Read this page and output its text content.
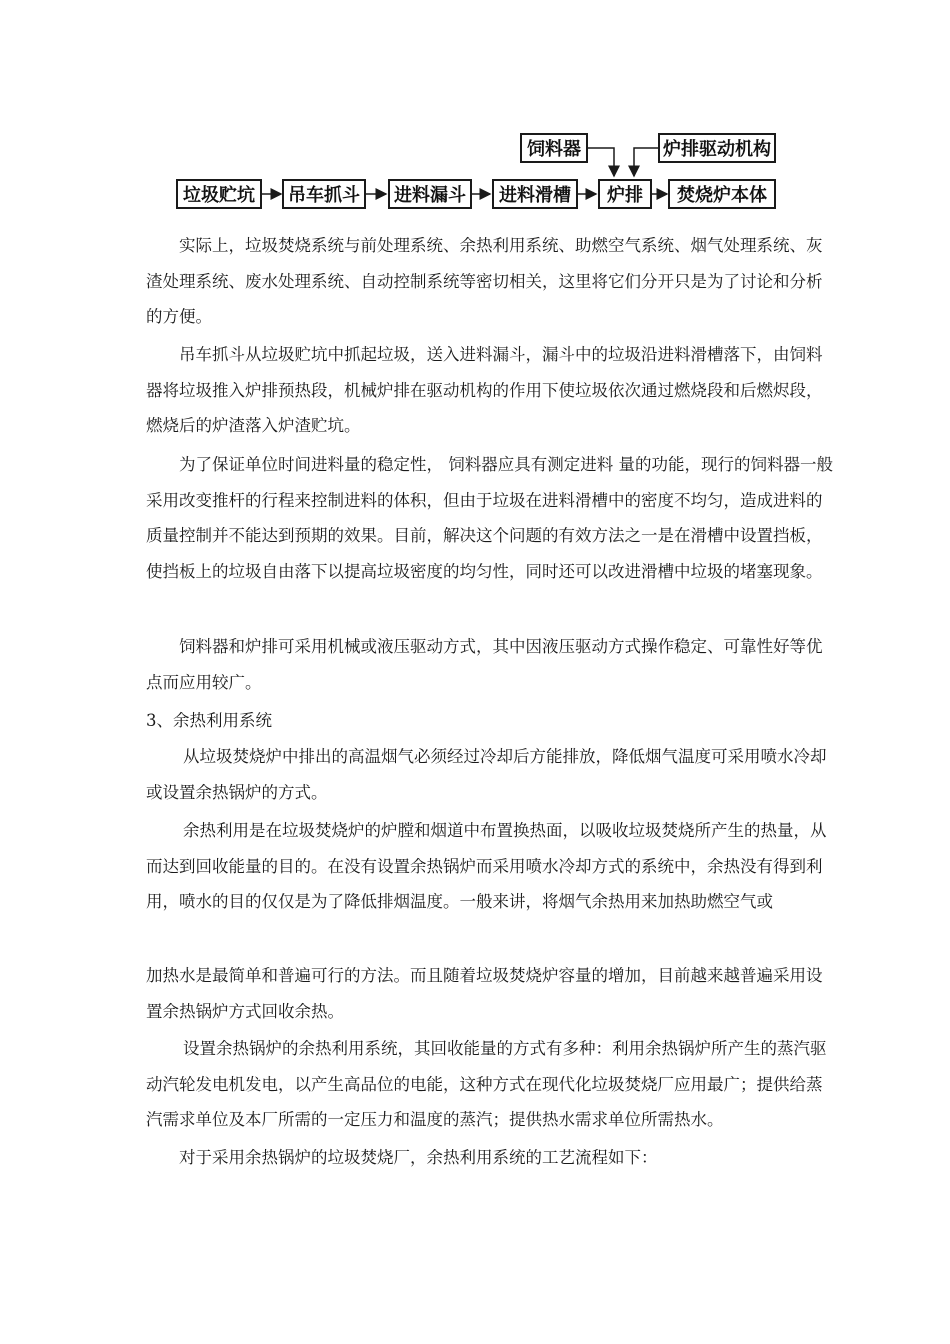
饲料器	炉排驱动机构
垃圾贮坑	吊车抓斗	进料漏斗	进料滑槽	炉排	焚烧炉本体

实际上，垃圾焚烧系统与前处理系统、余热利用系统、助燃空气系统、烟气处理系统、灰渣处理系统、废水处理系统、自动控制系统等密切相关，这里将它们分开只是为了讨论和分析的方便。

吊车抓斗从垃圾贮坑中抓起垃圾，送入进料漏斗，漏斗中的垃圾沿进料滑槽落下，由饲料器将垃圾推入炉排预热段，机械炉排在驱动机构的作用下使垃圾依次通过燃烧段和后燃烬段，燃烧后的炉渣落入炉渣贮坑。

为了保证单位时间进料量的稳定性， 饲料器应具有测定进料 量的功能，现行的饲料器一般采用改变推杆的行程来控制进料的体积，但由于垃圾在进料滑槽中的密度不均匀，造成进料的质量控制并不能达到预期的效果。目前，解决这个问题的有效方法之一是在滑槽中设置挡板，使挡板上的垃圾自由落下以提高垃圾密度的均匀性，同时还可以改进滑槽中垃圾的堵塞现象。

饲料器和炉排可采用机械或液压驱动方式，其中因液压驱动方式操作稳定、可靠性好等优点而应用较广。

3、余热利用系统

从垃圾焚烧炉中排出的高温烟气必须经过冷却后方能排放，降低烟气温度可采用喷水冷却或设置余热锅炉的方式。

余热利用是在垃圾焚烧炉的炉膛和烟道中布置换热面，以吸收垃圾焚烧所产生的热量，从而达到回收能量的目的。在没有设置余热锅炉而采用喷水冷却方式的系统中，余热没有得到利用，喷水的目的仅仅是为了降低排烟温度。一般来讲，将烟气余热用来加热助燃空气或

加热水是最简单和普遍可行的方法。而且随着垃圾焚烧炉容量的增加，目前越来越普遍采用设置余热锅炉方式回收余热。

设置余热锅炉的余热利用系统，其回收能量的方式有多种：利用余热锅炉所产生的蒸汽驱动汽轮发电机发电，以产生高品位的电能，这种方式在现代化垃圾焚烧厂应用最广；提供给蒸汽需求单位及本厂所需的一定压力和温度的蒸汽；提供热水需求单位所需热水。

对于采用余热锅炉的垃圾焚烧厂，余热利用系统的工艺流程如下：
